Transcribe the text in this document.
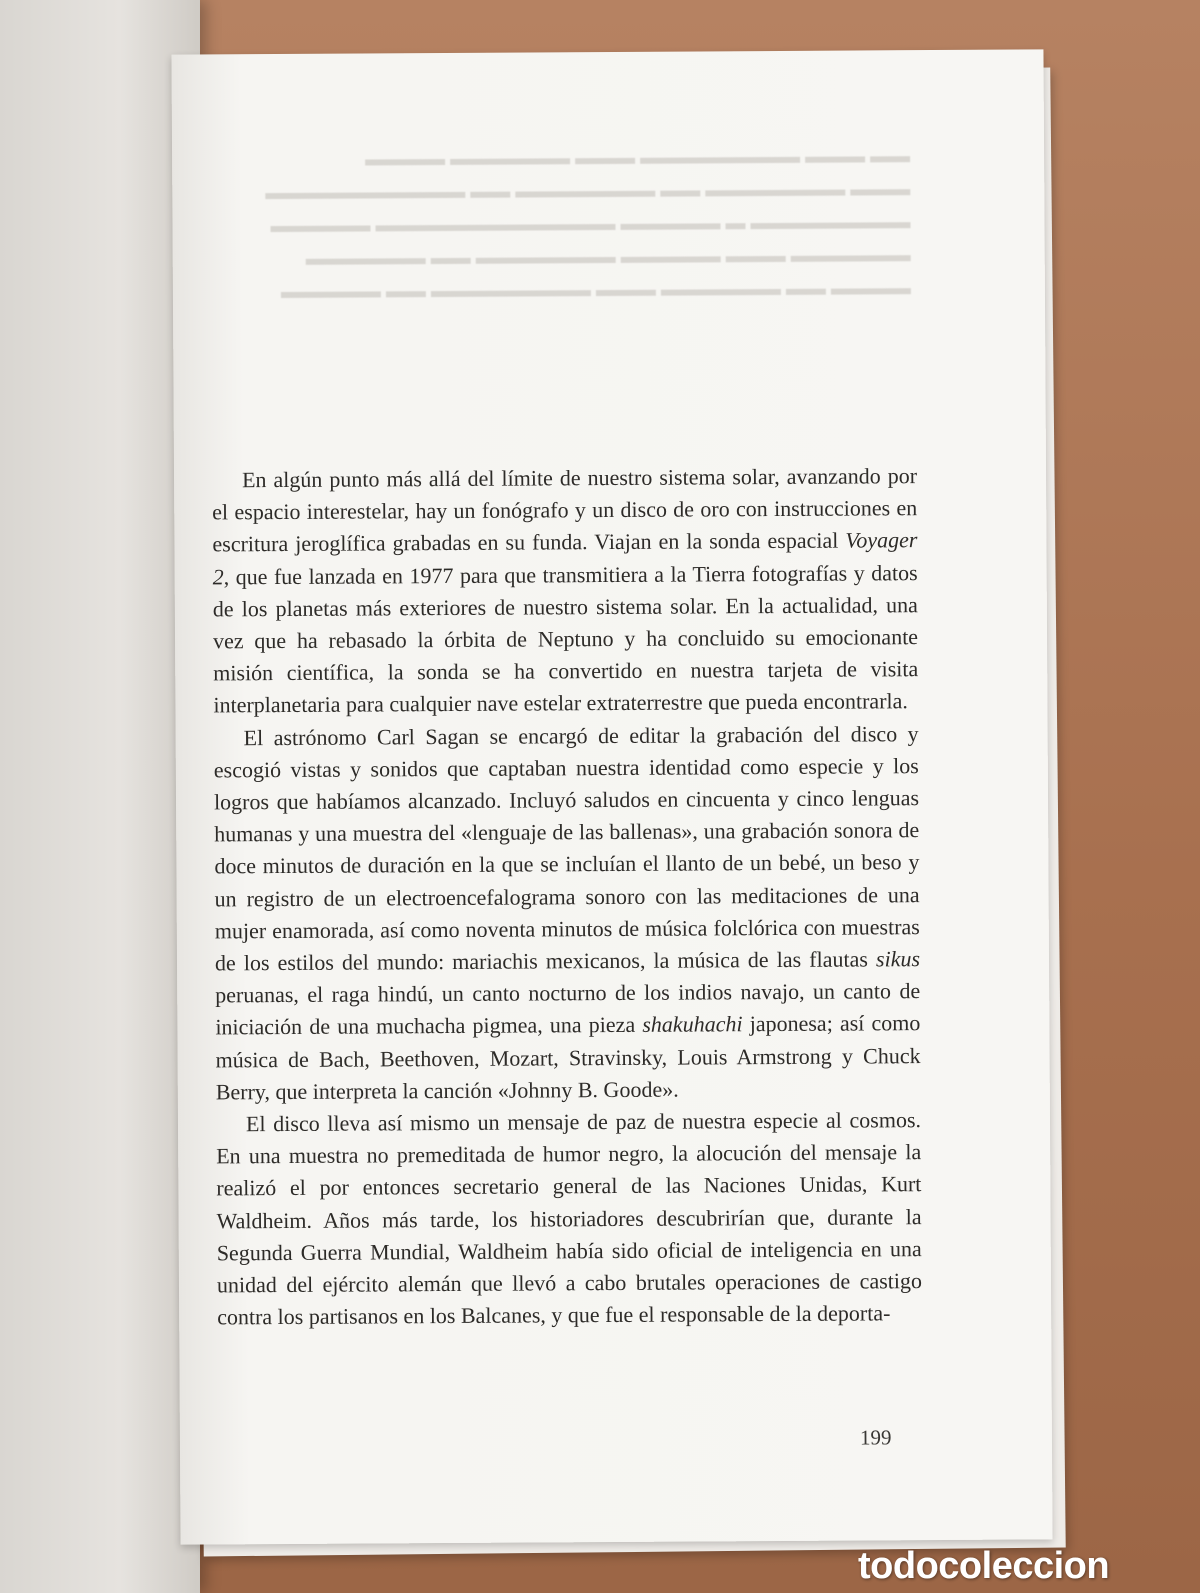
▬▬▬▬ ▬▬ ▬▬▬▬▬▬ ▬▬▬ ▬▬▬▬▬▬▬▬ ▬▬ ▬▬▬▬▬

▬▬▬▬▬▬ ▬▬▬ ▬▬▬▬▬ ▬▬▬▬▬▬▬ ▬▬ ▬▬▬▬▬▬

▬▬▬▬▬▬▬▬ ▬ ▬▬▬▬▬ ▬▬▬▬▬▬▬▬▬▬▬▬ ▬▬▬▬▬

▬▬▬ ▬▬▬▬▬▬▬ ▬▬ ▬▬▬▬▬▬▬ ▬▬ ▬▬▬▬▬▬▬▬▬▬

▬▬ ▬▬▬ ▬▬▬▬▬▬▬▬ ▬▬▬ ▬▬▬▬▬▬ ▬▬▬▬

En algún punto más allá del límite de nuestro sistema solar, avanzando por el espacio interestelar, hay un fonógrafo y un disco de oro con instrucciones en escritura jeroglífica grabadas en su funda. Viajan en la sonda espacial Voyager 2, que fue lanzada en 1977 para que transmitiera a la Tierra fotografías y datos de los planetas más exteriores de nuestro sistema solar. En la actualidad, una vez que ha rebasado la órbita de Neptuno y ha concluido su emocionante misión científica, la sonda se ha convertido en nuestra tarjeta de visita interplanetaria para cualquier nave estelar extraterrestre que pueda encontrarla.

El astrónomo Carl Sagan se encargó de editar la grabación del disco y escogió vistas y sonidos que captaban nuestra identidad como especie y los logros que habíamos alcanzado. Incluyó saludos en cincuenta y cinco lenguas humanas y una muestra del «lenguaje de las ballenas», una grabación sonora de doce minutos de duración en la que se incluían el llanto de un bebé, un beso y un registro de un electroencefalograma sonoro con las meditaciones de una mujer enamorada, así como noventa minutos de música folclórica con muestras de los estilos del mundo: mariachis mexicanos, la música de las flautas sikus peruanas, el raga hindú, un canto nocturno de los indios navajo, un canto de iniciación de una muchacha pigmea, una pieza shakuhachi japonesa; así como música de Bach, Beethoven, Mozart, Stravinsky, Louis Armstrong y Chuck Berry, que interpreta la canción «Johnny B. Goode».

El disco lleva así mismo un mensaje de paz de nuestra especie al cosmos. En una muestra no premeditada de humor negro, la alocución del mensaje la realizó el por entonces secretario general de las Naciones Unidas, Kurt Waldheim. Años más tarde, los historiadores descubrirían que, durante la Segunda Guerra Mundial, Waldheim había sido oficial de inteligencia en una unidad del ejército alemán que llevó a cabo brutales operaciones de castigo contra los partisanos en los Balcanes, y que fue el responsable de la deporta-

199
todocoleccion
